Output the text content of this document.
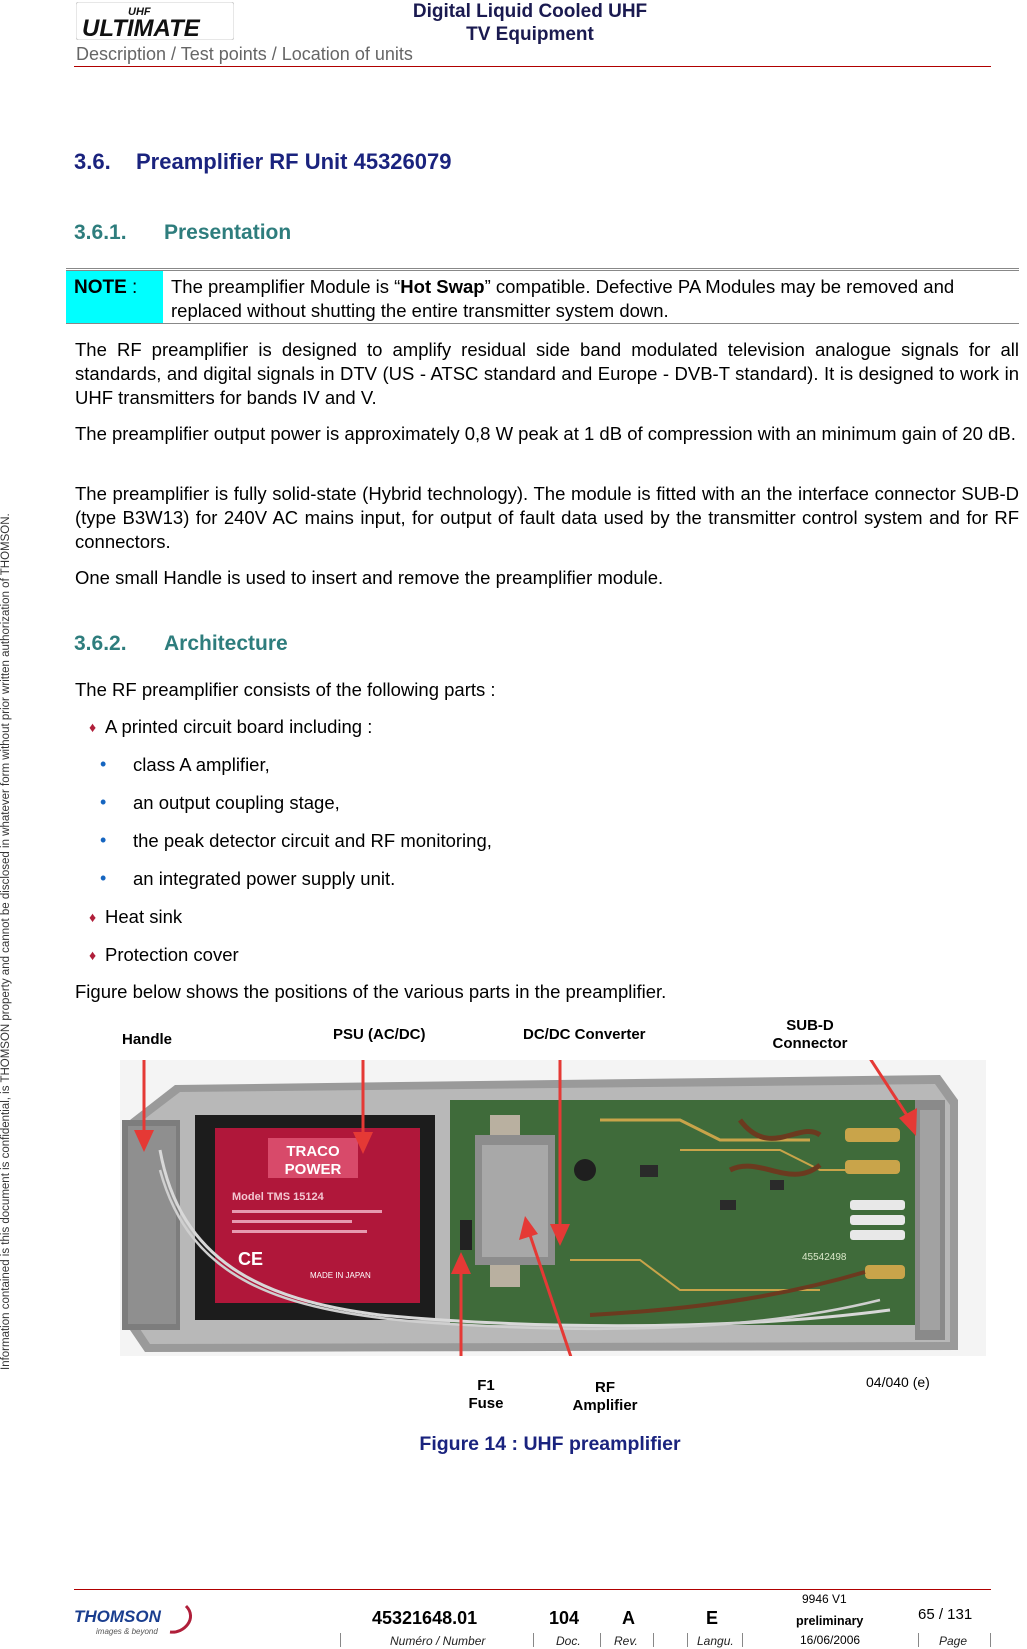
UHF
ULTIMATE
Digital Liquid Cooled UHF
TV Equipment
Description / Test points / Location of units
Information contained is this document is confidential, is THOMSON property and cannot be disclosed in whatever form without prior written authorization of THOMSON.
3.6. Preamplifier RF Unit 45326079
3.6.1. Presentation
NOTE :	The preamplifier Module is “Hot Swap” compatible. Defective PA Modules may be removed and replaced without shutting the entire transmitter system down.

The RF preamplifier is designed to amplify residual side band modulated television analogue signals for all standards, and digital signals in DTV (US - ATSC standard and Europe - DVB-T standard). It is designed to work in UHF transmitters for bands IV and V.

The preamplifier output power is approximately 0,8 W peak at 1 dB of compression with an minimum gain of 20 dB.

The preamplifier is fully solid-state (Hybrid technology). The module is fitted with an the interface connector SUB-D (type B3W13) for 240V AC mains input, for output of fault data used by the transmitter control system and for RF connectors.

One small Handle is used to insert and remove the preamplifier module.

3.6.2. Architecture

The RF preamplifier consists of the following parts :

♦ A printed circuit board including :
• class A amplifier,
• an output coupling stage,
• the peak detector circuit and RF monitoring,
• an integrated power supply unit.
♦ Heat sink
♦ Protection cover

Figure below shows the positions of the various parts in the preamplifier.

Handle	PSU (AC/DC)	DC/DC Converter
SUB-D
Connector
TRACO
POWER
Model TMS 15124
CE
MADE IN JAPAN
45542498
F1
Fuse
RF
Amplifier
04/040 (e)
Figure 14 : UHF preamplifier
THOMSON
images & beyond
45321648.01	104 A	E
9946 V1
preliminary	65 / 131
Numéro / Number	Doc.	Rev.	Langu.	16/06/2006	Page
